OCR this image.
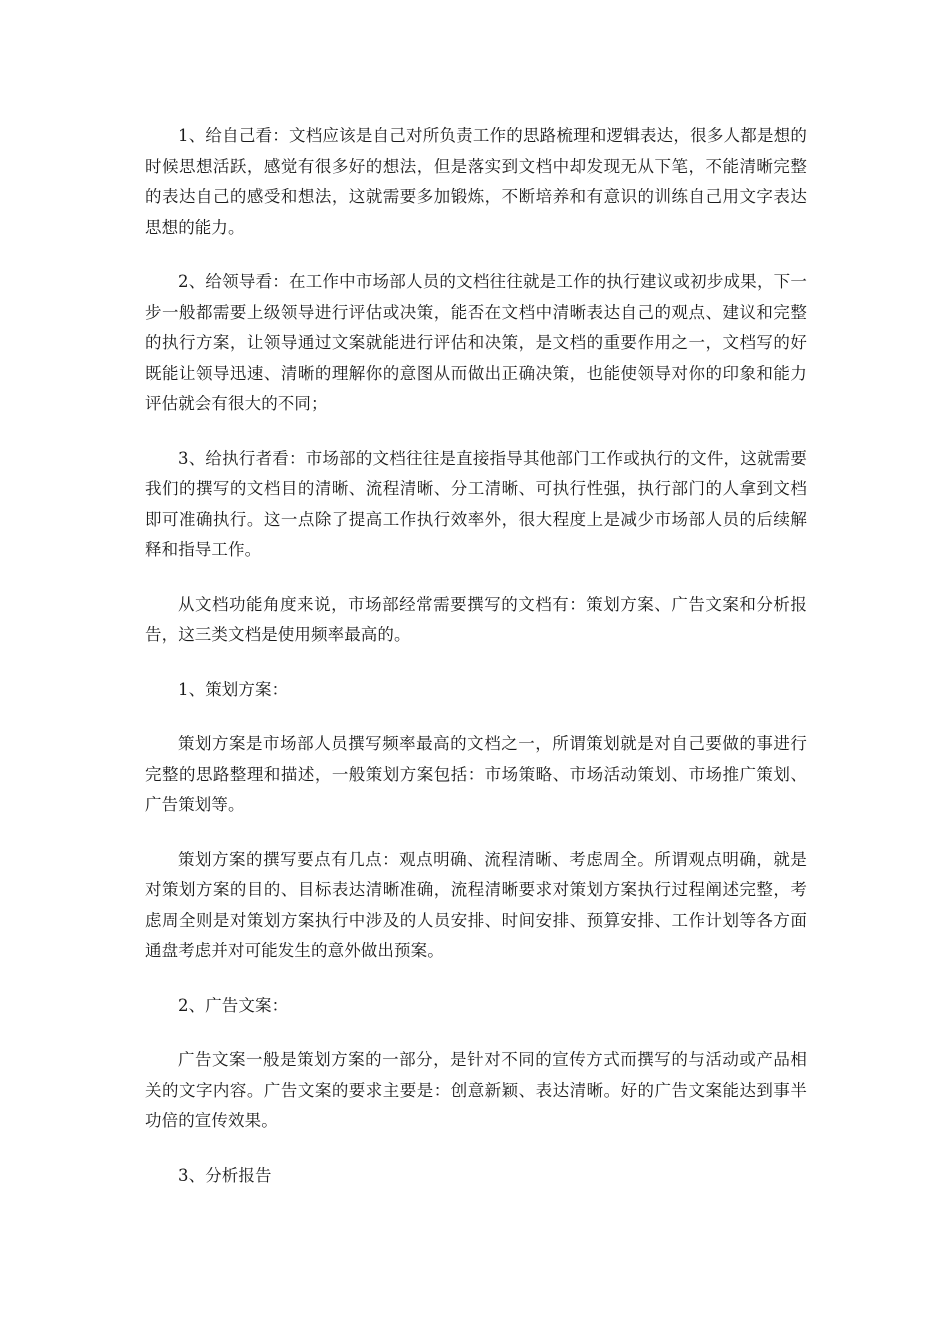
1、给自己看：文档应该是自己对所负责工作的思路梳理和逻辑表达，很多人都是想的时候思想活跃，感觉有很多好的想法，但是落实到文档中却发现无从下笔，不能清晰完整的表达自己的感受和想法，这就需要多加锻炼，不断培养和有意识的训练自己用文字表达思想的能力。

2、给领导看：在工作中市场部人员的文档往往就是工作的执行建议或初步成果，下一步一般都需要上级领导进行评估或决策，能否在文档中清晰表达自己的观点、建议和完整的执行方案，让领导通过文案就能进行评估和决策，是文档的重要作用之一，文档写的好既能让领导迅速、清晰的理解你的意图从而做出正确决策，也能使领导对你的印象和能力评估就会有很大的不同；

3、给执行者看：市场部的文档往往是直接指导其他部门工作或执行的文件，这就需要我们的撰写的文档目的清晰、流程清晰、分工清晰、可执行性强，执行部门的人拿到文档即可准确执行。这一点除了提高工作执行效率外，很大程度上是减少市场部人员的后续解释和指导工作。

从文档功能角度来说，市场部经常需要撰写的文档有：策划方案、广告文案和分析报告，这三类文档是使用频率最高的。

1、策划方案：

策划方案是市场部人员撰写频率最高的文档之一，所谓策划就是对自己要做的事进行完整的思路整理和描述，一般策划方案包括：市场策略、市场活动策划、市场推广策划、广告策划等。

策划方案的撰写要点有几点：观点明确、流程清晰、考虑周全。所谓观点明确，就是对策划方案的目的、目标表达清晰准确，流程清晰要求对策划方案执行过程阐述完整，考虑周全则是对策划方案执行中涉及的人员安排、时间安排、预算安排、工作计划等各方面通盘考虑并对可能发生的意外做出预案。

2、广告文案：

广告文案一般是策划方案的一部分，是针对不同的宣传方式而撰写的与活动或产品相关的文字内容。广告文案的要求主要是：创意新颖、表达清晰。好的广告文案能达到事半功倍的宣传效果。

3、分析报告
